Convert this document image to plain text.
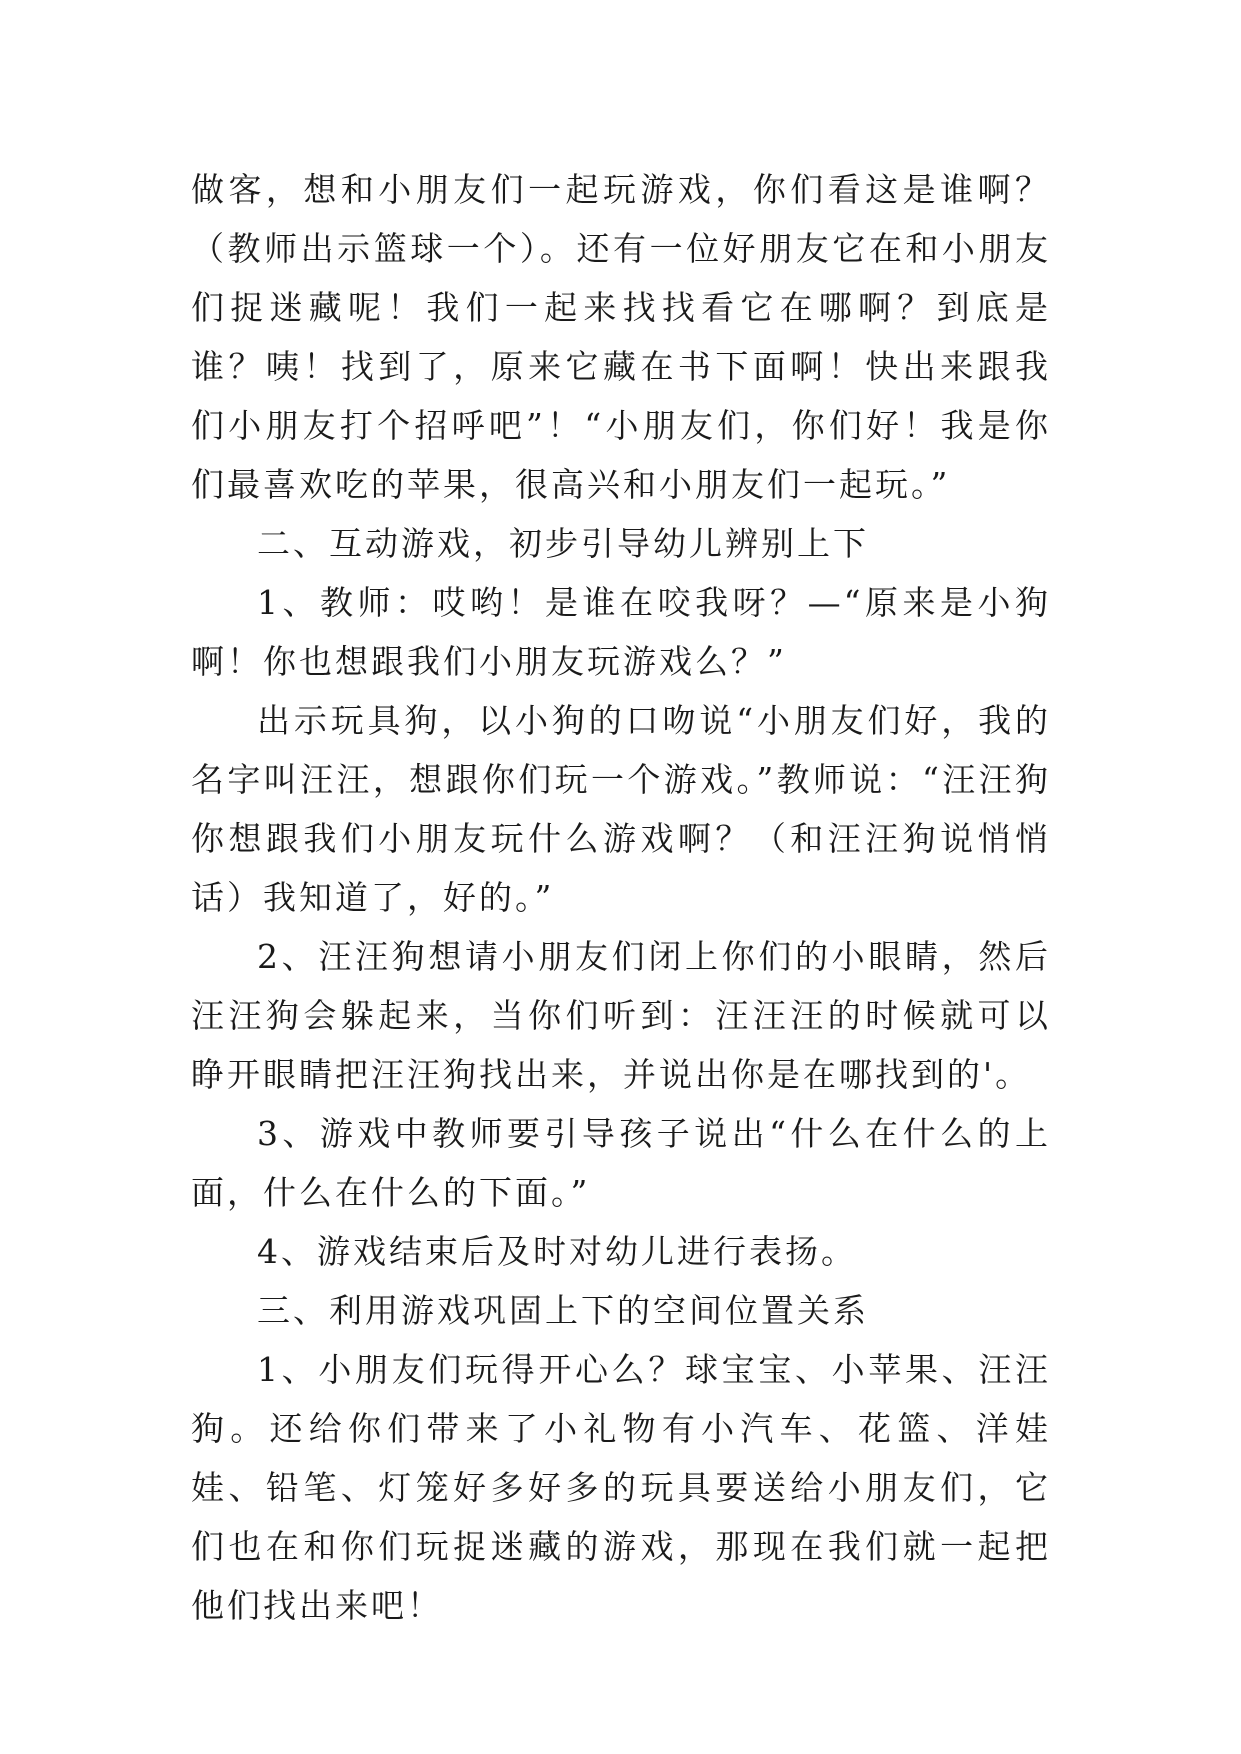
做客，想和小朋友们一起玩游戏，你们看这是谁啊？（教师出示篮球一个）。还有一位好朋友它在和小朋友们捉迷藏呢！我们一起来找找看它在哪啊？到底是谁？咦！找到了，原来它藏在书下面啊！快出来跟我们小朋友打个招呼吧”！“小朋友们，你们好！我是你们最喜欢吃的苹果，很高兴和小朋友们一起玩。”

二、互动游戏，初步引导幼儿辨别上下

1、教师：哎哟！是谁在咬我呀？—“原来是小狗啊！你也想跟我们小朋友玩游戏么？”

出示玩具狗，以小狗的口吻说“小朋友们好，我的名字叫汪汪，想跟你们玩一个游戏。”教师说：“汪汪狗你想跟我们小朋友玩什么游戏啊？（和汪汪狗说悄悄话）我知道了，好的。”

2、汪汪狗想请小朋友们闭上你们的小眼睛，然后汪汪狗会躲起来，当你们听到：汪汪汪的时候就可以睁开眼睛把汪汪狗找出来，并说出你是在哪找到的'。

3、游戏中教师要引导孩子说出“什么在什么的上面，什么在什么的下面。”

4、游戏结束后及时对幼儿进行表扬。

三、利用游戏巩固上下的空间位置关系

1、小朋友们玩得开心么？球宝宝、小苹果、汪汪狗。还给你们带来了小礼物有小汽车、花篮、洋娃娃、铅笔、灯笼好多好多的玩具要送给小朋友们，它们也在和你们玩捉迷藏的游戏，那现在我们就一起把他们找出来吧！
